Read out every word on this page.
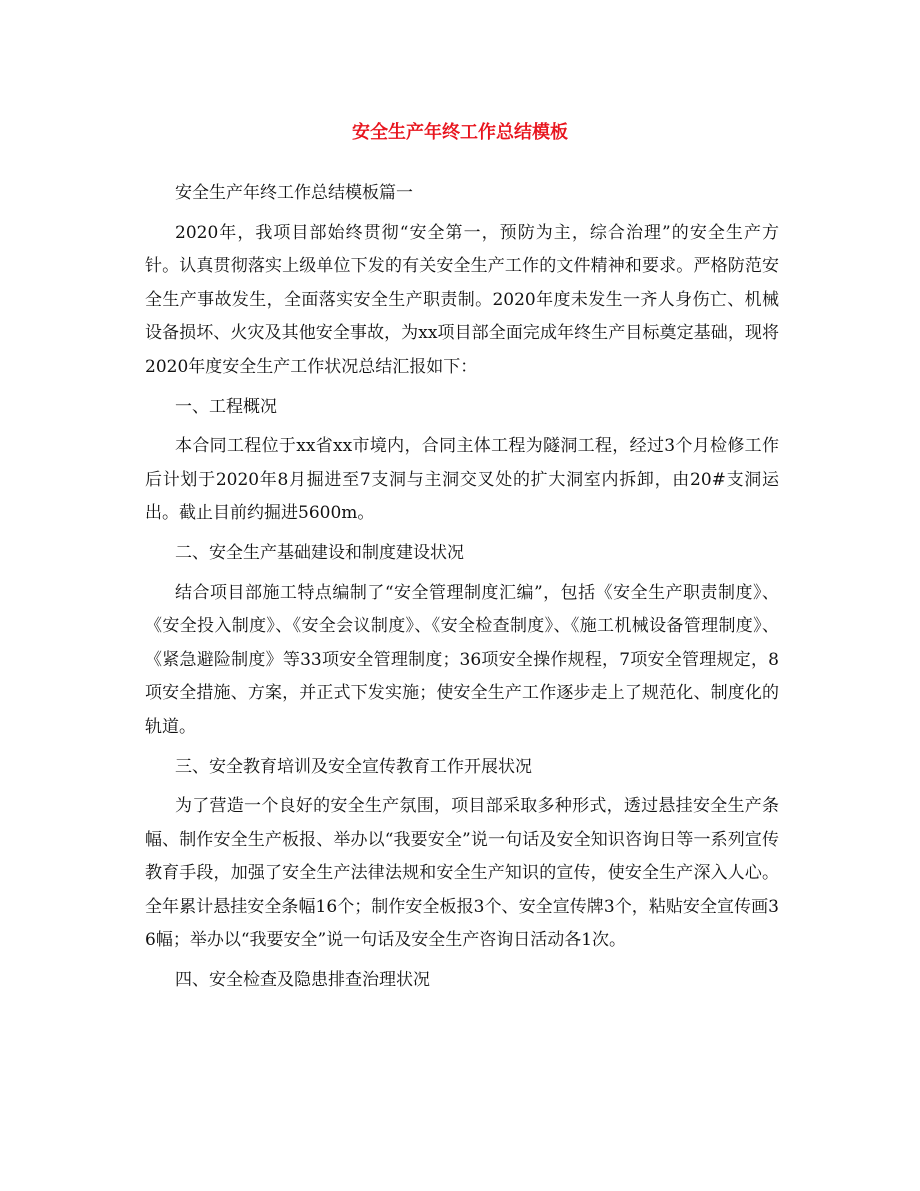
安全生产年终工作总结模板

安全生产年终工作总结模板篇一

2020年，我项目部始终贯彻“安全第一，预防为主，综合治理”的安全生产方针。认真贯彻落实上级单位下发的有关安全生产工作的文件精神和要求。严格防范安全生产事故发生，全面落实安全生产职责制。2020年度未发生一齐人身伤亡、机械设备损坏、火灾及其他安全事故，为xx项目部全面完成年终生产目标奠定基础，现将2020年度安全生产工作状况总结汇报如下：

一、工程概况

本合同工程位于xx省xx市境内，合同主体工程为隧洞工程，经过3个月检修工作后计划于2020年8月掘进至7支洞与主洞交叉处的扩大洞室内拆卸，由20#支洞运出。截止目前约掘进5600m。

二、安全生产基础建设和制度建设状况

结合项目部施工特点编制了“安全管理制度汇编”，包括《安全生产职责制度》、《安全投入制度》、《安全会议制度》、《安全检查制度》、《施工机械设备管理制度》、《紧急避险制度》等33项安全管理制度；36项安全操作规程，7项安全管理规定，8项安全措施、方案，并正式下发实施；使安全生产工作逐步走上了规范化、制度化的轨道。

三、安全教育培训及安全宣传教育工作开展状况

为了营造一个良好的安全生产氛围，项目部采取多种形式，透过悬挂安全生产条幅、制作安全生产板报、举办以“我要安全”说一句话及安全知识咨询日等一系列宣传教育手段，加强了安全生产法律法规和安全生产知识的宣传，使安全生产深入人心。全年累计悬挂安全条幅16个；制作安全板报3个、安全宣传牌3个，粘贴安全宣传画36幅；举办以“我要安全”说一句话及安全生产咨询日活动各1次。

四、安全检查及隐患排查治理状况
